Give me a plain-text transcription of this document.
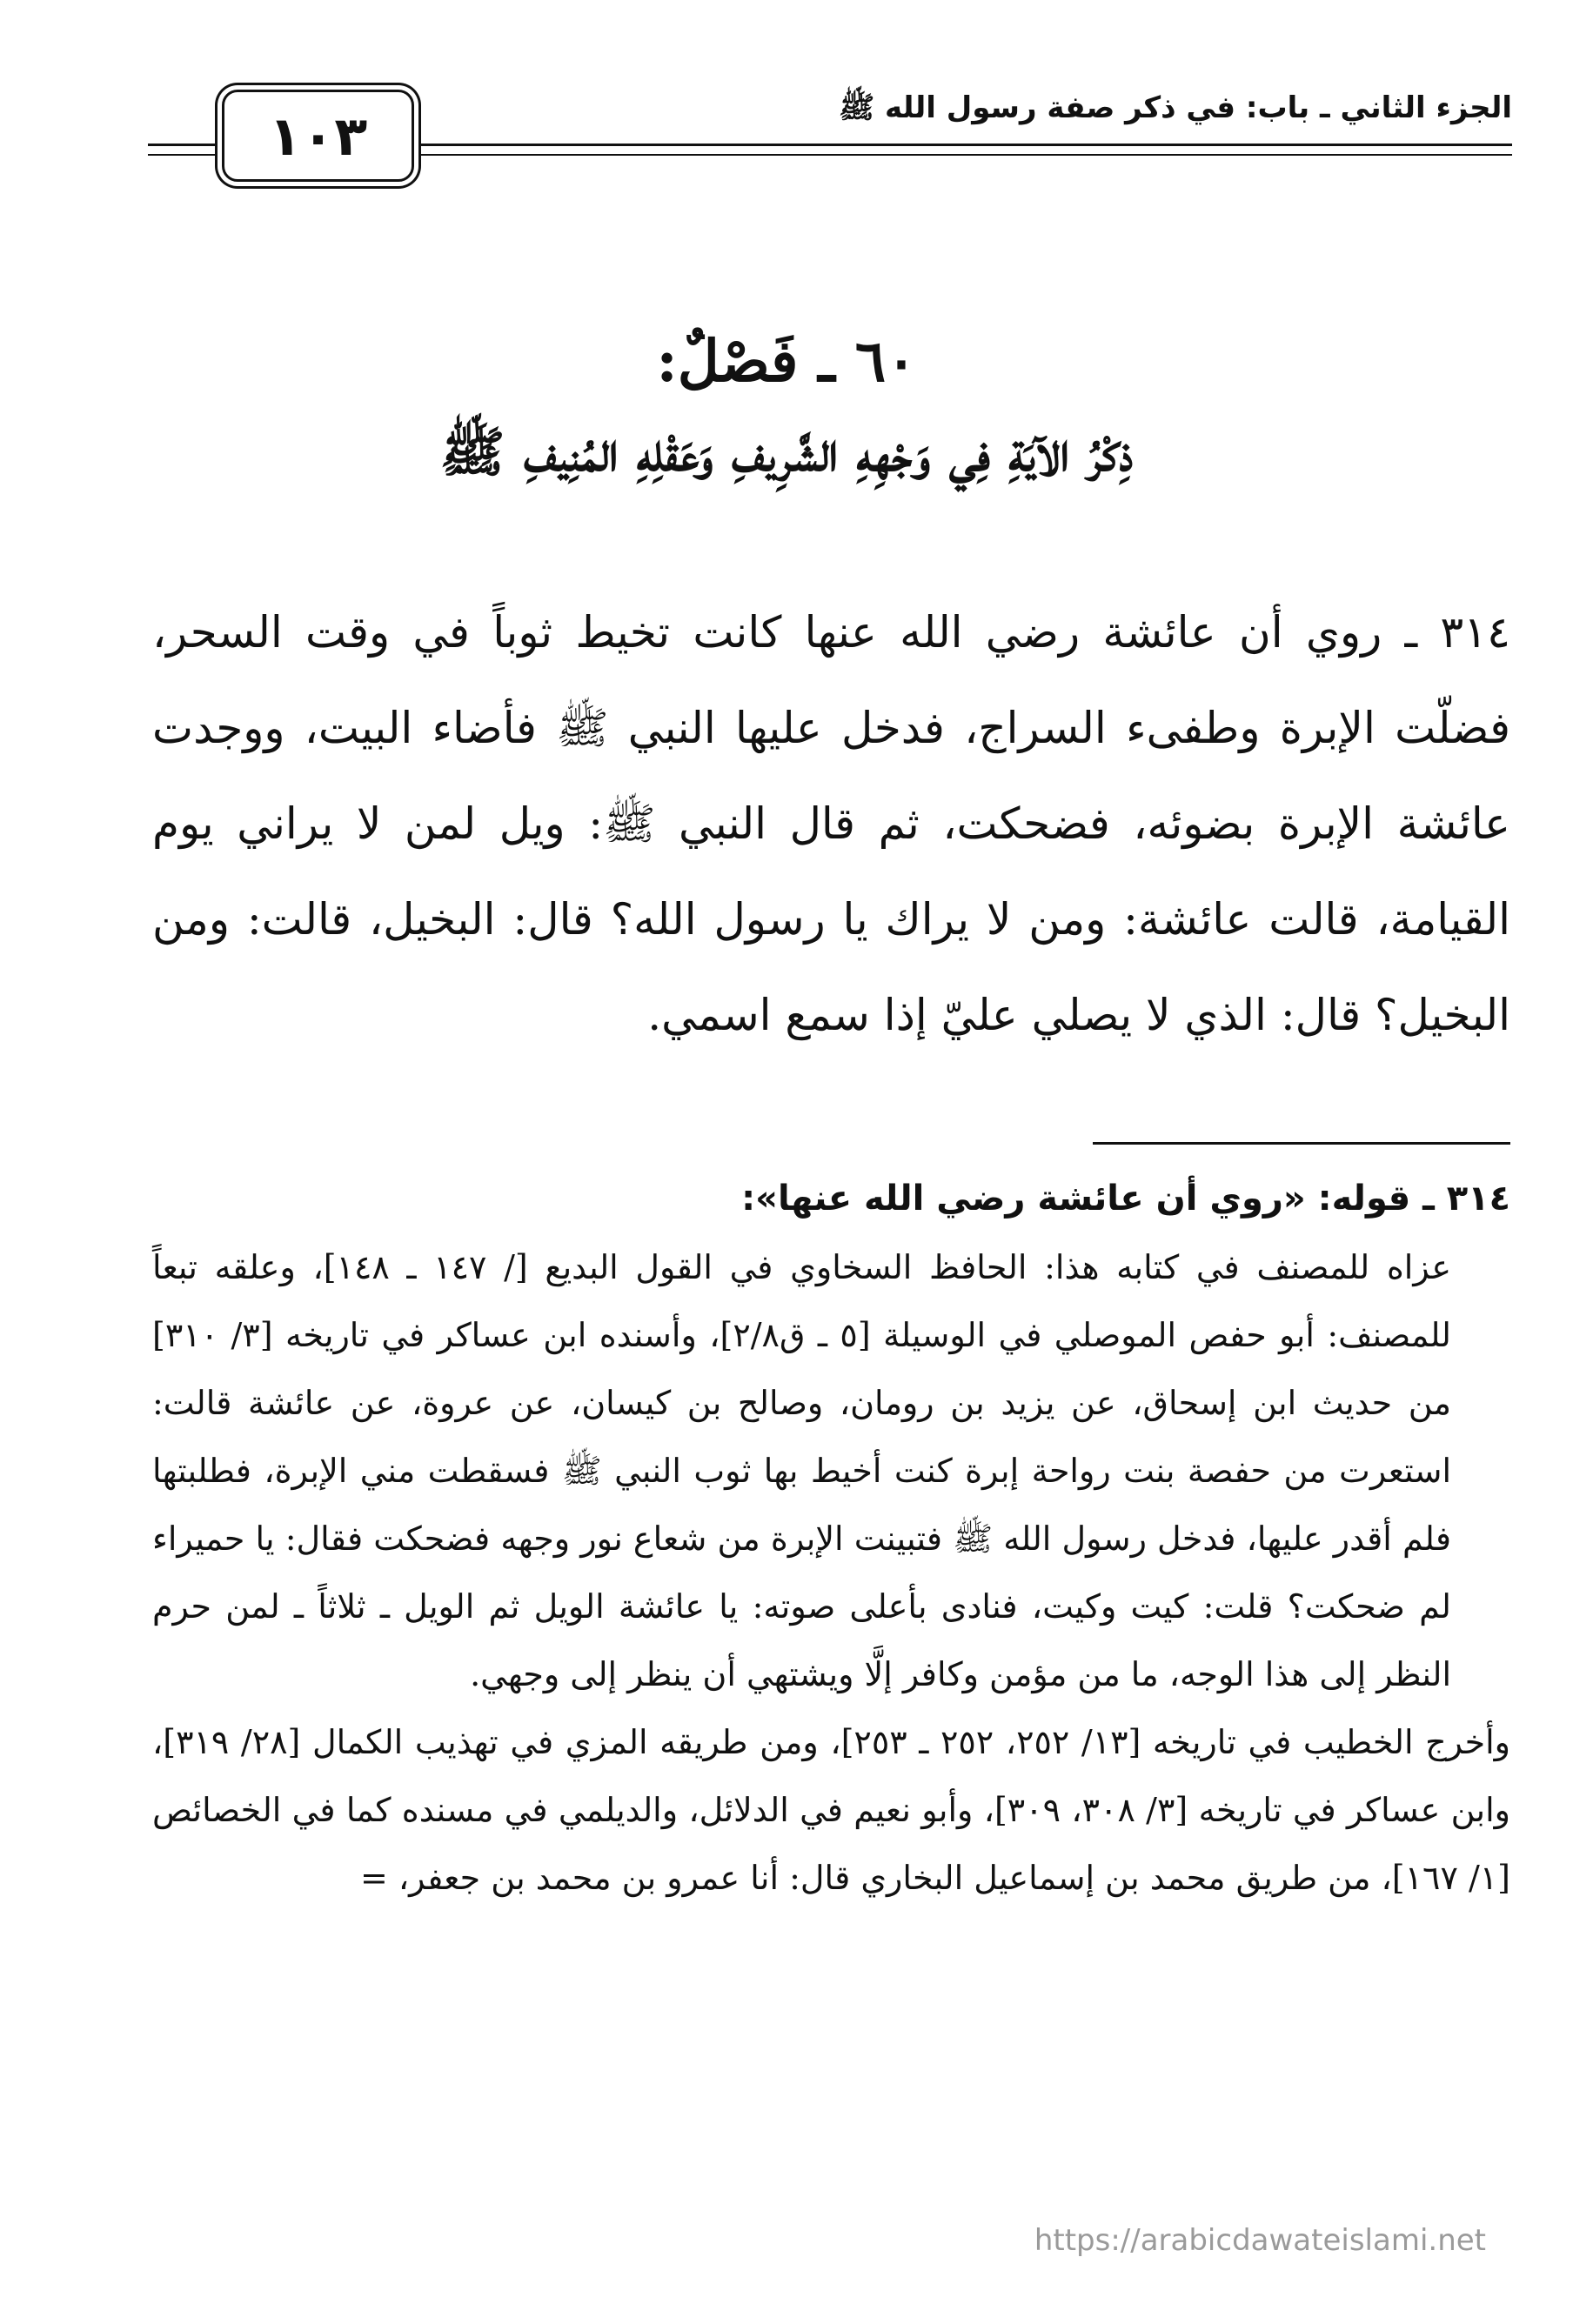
الجزء الثاني ـ باب: في ذكر صفة رسول الله ﷺ
١٠٣
٦٠ ـ فَصْلٌ:
ذِكْرُ الآيَةِ فِي وَجْهِهِ الشَّرِيفِ وَعَقْلِهِ المُنِيفِ ﷺ
٣١٤ ـ روي أن عائشة رضي الله عنها كانت تخيط ثوباً في وقت السحر، فضلّت الإبرة وطفىء السراج، فدخل عليها النبي ﷺ فأضاء البيت، ووجدت عائشة الإبرة بضوئه، فضحكت، ثم قال النبي ﷺ: ويل لمن لا يراني يوم القيامة، قالت عائشة: ومن لا يراك يا رسول الله؟ قال: البخيل، قالت: ومن البخيل؟ قال: الذي لا يصلي عليّ إذا سمع اسمي.
٣١٤ ـ قوله: «روي أن عائشة رضي الله عنها»:

عزاه للمصنف في كتابه هذا: الحافظ السخاوي في القول البديع [/ ١٤٧ ـ ١٤٨]، وعلقه تبعاً للمصنف: أبو حفص الموصلي في الوسيلة [٥ ـ ق٢/٨]، وأسنده ابن عساكر في تاريخه [٣/ ٣١٠] من حديث ابن إسحاق، عن يزيد بن رومان، وصالح بن كيسان، عن عروة، عن عائشة قالت: استعرت من حفصة بنت رواحة إبرة كنت أخيط بها ثوب النبي ﷺ فسقطت مني الإبرة، فطلبتها فلم أقدر عليها، فدخل رسول الله ﷺ فتبينت الإبرة من شعاع نور وجهه فضحكت فقال: يا حميراء لم ضحكت؟ قلت: كيت وكيت، فنادى بأعلى صوته: يا عائشة الويل ثم الويل ـ ثلاثاً ـ لمن حرم النظر إلى هذا الوجه، ما من مؤمن وكافر إلَّا ويشتهي أن ينظر إلى وجهي.

وأخرج الخطيب في تاريخه [١٣/ ٢٥٢، ٢٥٢ ـ ٢٥٣]، ومن طريقه المزي في تهذيب الكمال [٢٨/ ٣١٩]، وابن عساكر في تاريخه [٣/ ٣٠٨، ٣٠٩]، وأبو نعيم في الدلائل، والديلمي في مسنده كما في الخصائص [١/ ١٦٧]، من طريق محمد بن إسماعيل البخاري قال: أنا عمرو بن محمد بن جعفر، =

https://arabicdawateislami.net
